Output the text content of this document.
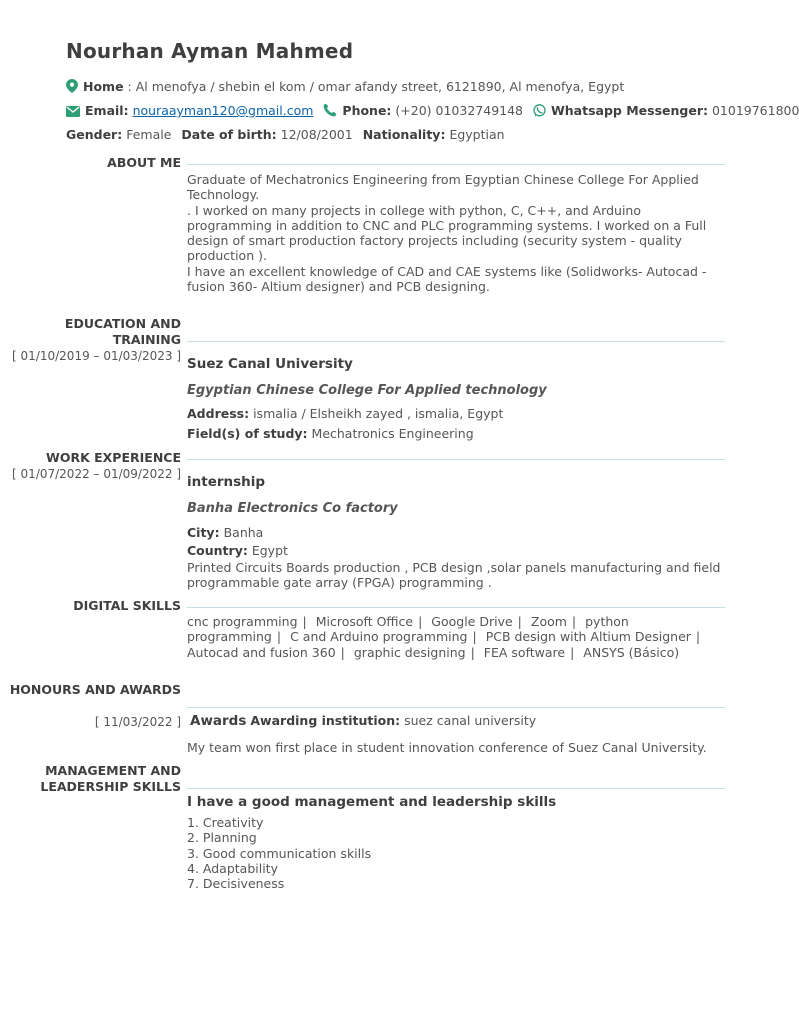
Nourhan Ayman Mahmed
Home : Al menofya / shebin el kom / omar afandy street, 6121890, Al menofya, Egypt
Email: nouraayman120@gmail.com Phone: (+20) 01032749148 Whatsapp Messenger: 01019761800
Gender: Female Date of birth: 12/08/2001 Nationality: Egyptian
ABOUT ME
Graduate of Mechatronics Engineering from Egyptian Chinese College For Applied Technology.
. I worked on many projects in college with python, C, C++, and Arduino programming in addition to CNC and PLC programming systems. I worked on a Full
design of smart production factory projects including (security system - quality production ).
I have an excellent knowledge of CAD and CAE systems like (Solidworks- Autocad - fusion 360- Altium designer) and PCB designing.
EDUCATION AND TRAINING
[ 01/10/2019 – 01/03/2023 ] Suez Canal University
Egyptian Chinese College For Applied technology
Address: ismalia / Elsheikh zayed , ismalia, Egypt
Field(s) of study: Mechatronics Engineering
WORK EXPERIENCE
[ 01/07/2022 – 01/09/2022 ] internship
Banha Electronics Co factory
City: Banha
Country: Egypt
Printed Circuits Boards production , PCB design ,solar panels manufacturing and field programmable gate array (FPGA) programming .
DIGITAL SKILLS
cnc programming | Microsoft Office | Google Drive | Zoom | python programming | C and Arduino programming | PCB design with Altium Designer | Autocad and fusion 360 | graphic designing | FEA software | ANSYS (Básico)
HONOURS AND AWARDS
[ 11/03/2022 ] Awards Awarding institution: suez canal university
My team won first place in student innovation conference of Suez Canal University.
MANAGEMENT AND LEADERSHIP SKILLS
I have a good management and leadership skills
1. Creativity
2. Planning
3. Good communication skills
4. Adaptability
7. Decisiveness
